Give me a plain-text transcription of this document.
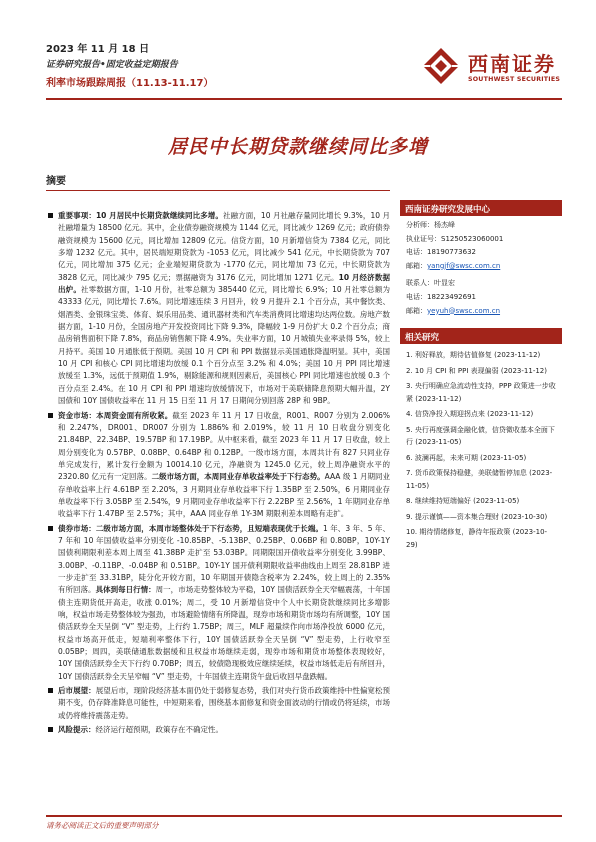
2023 年 11 月 18 日
证券研究报告•固定收益定期报告
利率市场跟踪周报（11.13-11.17）
西南证券
SOUTHWEST SECURITIES
居民中长期贷款继续同比多增
摘要
重要事项：10 月居民中长期贷款继续同比多增。社融方面，10 月社融存量同比增长 9.3%，10 月社融增量为 18500 亿元。其中，企业债券融资规模为 1144 亿元，同比减少 1269 亿元；政府债券融资规模为 15600 亿元，同比增加 12809 亿元。信贷方面，10 月新增信贷为 7384 亿元，同比多增 1232 亿元。其中，居民端短期贷款为 -1053 亿元，同比减少 541 亿元，中长期贷款为 707 亿元，同比增加 375 亿元；企业端短期贷款为 -1770 亿元，同比增加 73 亿元，中长期贷款为 3828 亿元，同比减少 795 亿元；票据融资为 3176 亿元，同比增加 1271 亿元。10 月经济数据出炉。社零数据方面，1-10 月份，社零总额为 385440 亿元，同比增长 6.9%；10 月社零总额为 43333 亿元，同比增长 7.6%。同比增速连续 3 月回升，较 9 月提升 2.1 个百分点，其中餐饮类、烟酒类、金银珠宝类、体育、娱乐用品类、通讯器材类和汽车类消费同比增速均达两位数。房地产数据方面，1-10 月份，全国房地产开发投资同比下降 9.3%，降幅较 1-9 月份扩大 0.2 个百分点；商品房销售面积下降 7.8%，商品房销售额下降 4.9%。失业率方面，10 月城镇失业率录得 5%，较上月持平。美国 10 月通胀低于预期。美国 10 月 CPI 和 PPI 数据显示美国通胀降温明显。其中，美国 10 月 CPI 和核心 CPI 同比增速均放缓 0.1 个百分点至 3.2% 和 4.0%；美国 10 月 PPI 同比增速放缓至 1.3%，远低于预期值 1.9%，剔除能源和规则因素后，美国核心 PPI 同比增速也放缓 0.3 个百分点至 2.4%。在 10 月 CPI 和 PPI 增速均放缓情况下，市场对于美联储降息预期大幅升温，2Y 国债和 10Y 国债收益率在 11 月 15 日至 11 月 17 日期间分别回落 28P 和 9BP。
资金市场：本周资金面有所收紧。截至 2023 年 11 月 17 日收盘，R001、R007 分别为 2.006% 和 2.247%，DR001、DR007 分别为 1.886% 和 2.019%，较 11 月 10 日收盘分别变化 21.84BP、22.34BP、19.57BP 和 17.19BP。从中枢来看，截至 2023 年 11 月 17 日收盘，较上周分别变化为 0.57BP、0.08BP、0.64BP 和 0.12BP。一级市场方面，本周共计有 827 只同业存单完成发行，累计发行金额为 10014.10 亿元，净融资为 1245.0 亿元，较上周净融资水平的 2320.80 亿元有一定回落。二级市场方面，本周同业存单收益率处于下行态势。AAA 级 1 月期同业存单收益率上行 4.61BP 至 2.20%，3 月期同业存单收益率下行 1.35BP 至 2.50%，6 月期同业存单收益率下行 3.05BP 至 2.54%，9 月期同业存单收益率下行 2.22BP 至 2.56%，1 年期同业存单收益率下行 1.47BP 至 2.57%；其中，AAA 同业存单 1Y-3M 期限利差本周略有走扩。
债券市场：二级市场方面，本周市场整体处于下行态势，且短端表现优于长端。1 年、3 年、5 年、7 年和 10 年国债收益率分别变化 -10.85BP、-5.13BP、0.25BP、0.06BP 和 0.80BP，10Y-1Y 国债利期限利差本周上周至 41.38BP 走扩至 53.03BP。同期限国开债收益率分别变化 3.99BP、3.00BP、-0.11BP、-0.04BP 和 0.51BP。10Y-1Y 国开债利期限收益率曲线由上周至 28.81BP 进一步走扩至 33.31BP，陡分化开较方面，10 年期国开债隐含税率为 2.24%，较上周上的 2.35% 有所回落。具体到每日行情：周一，市场走势整体较为平稳，10Y 国债活跃券全天窄幅震荡，十年国债主连期货低开高走，收涨 0.01%；周二，受 10 月新增信贷中个人中长期贷款继续同比多增影响，权益市场走势整体较为强劲，市场避险情绪有所降温，现券市场和期货市场均有所调整，10Y 国债活跃券全天呈倒 “V” 型走势，上行约 1.75BP；周三，MLF 超量续作向市场净投放 6000 亿元，权益市场高开低走，短端利率整体下行，10Y 国债活跃券全天呈倒 “V” 型走势，上行收窄至 0.05BP；周四，美联储通胀数据缓和且权益市场继续走弱，现券市场和期货市场整体表现较好，10Y 国债活跃券全天下行约 0.70BP；周五，较债隐现极效应继续延续，权益市场低走后有所回升，10Y 国债活跃券全天呈窄幅 “V” 型走势，十年国债主连期货午盘后收回早盘跌幅。
后市展望：展望后市，现阶段经济基本面仍处于弱修复态势，我们对央行货币政策维持中性偏宽松预期不变，仍存降准降息可能性，中短期来看，围绕基本面修复和资金面波动的行情或仍将延续，市场或仍将维持震荡走势。
风险提示：经济运行超预期，政策存在不确定性。
西南证券研究发展中心
分析师：杨杰峰
执业证号：S1250523060001
电话：18190773632
邮箱：yangjf@swsc.com.cn
联系人：叶显宏
电话：18223492691
邮箱：yeyuh@swsc.com.cn
相关研究
1. 利好释放，期待估值修复 (2023-11-12)
2. 10 月 CPI 和 PPI 表现偏弱 (2023-11-12)
3. 央行明确应急流动性支持，PPP 政策进一步收紧 (2023-11-12)
4. 信贷净投入期迎拐点来 (2023-11-12)
5. 央行再度强调金融化债，信贷微收基本全面下行 (2023-11-05)
6. 波澜再起，未来可期 (2023-11-05)
7. 货币政策保持稳健，美联储暂停加息 (2023-11-05)
8. 继续维持短端偏好 (2023-11-05)
9. 提示谨慎——资本集合理财 (2023-10-30)
10. 期待情绪修复，静待年报政策 (2023-10-29)
请务必阅读正文后的重要声明部分
